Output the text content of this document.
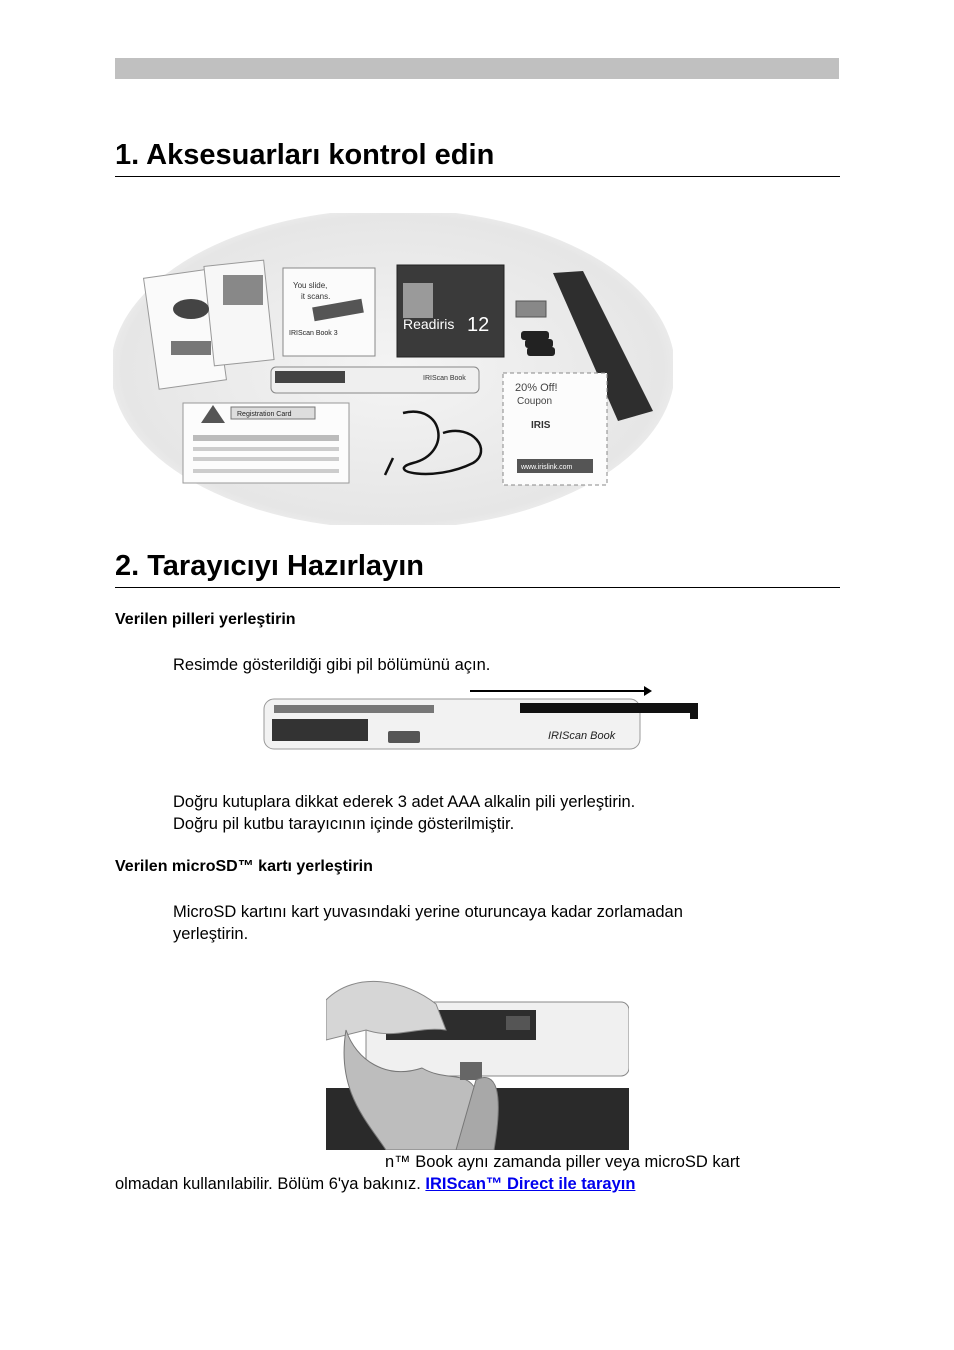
1. Aksesuarları kontrol edin
You slide,
it scans.
IRIScan Book 3
Readiris 12
IRIScan Book
Registration Card
20% Off!
Coupon
IRIS
www.irislink.com
2. Tarayıcıyı Hazırlayın
Verilen pilleri yerleştirin
Resimde gösterildiği gibi pil bölümünü açın.
IRIScan Book
Doğru kutuplara dikkat ederek 3 adet AAA alkalin pili yerleştirin.
Doğru pil kutbu tarayıcının içinde gösterilmiştir.
Verilen microSD™ kartı yerleştirin
MicroSD kartını kart yuvasındaki yerine oturuncaya kadar zorlamadan
yerleştirin.
n™ Book aynı zamanda piller veya microSD kart
olmadan kullanılabilir. Bölüm 6'ya bakınız. IRIScan™ Direct ile tarayın
